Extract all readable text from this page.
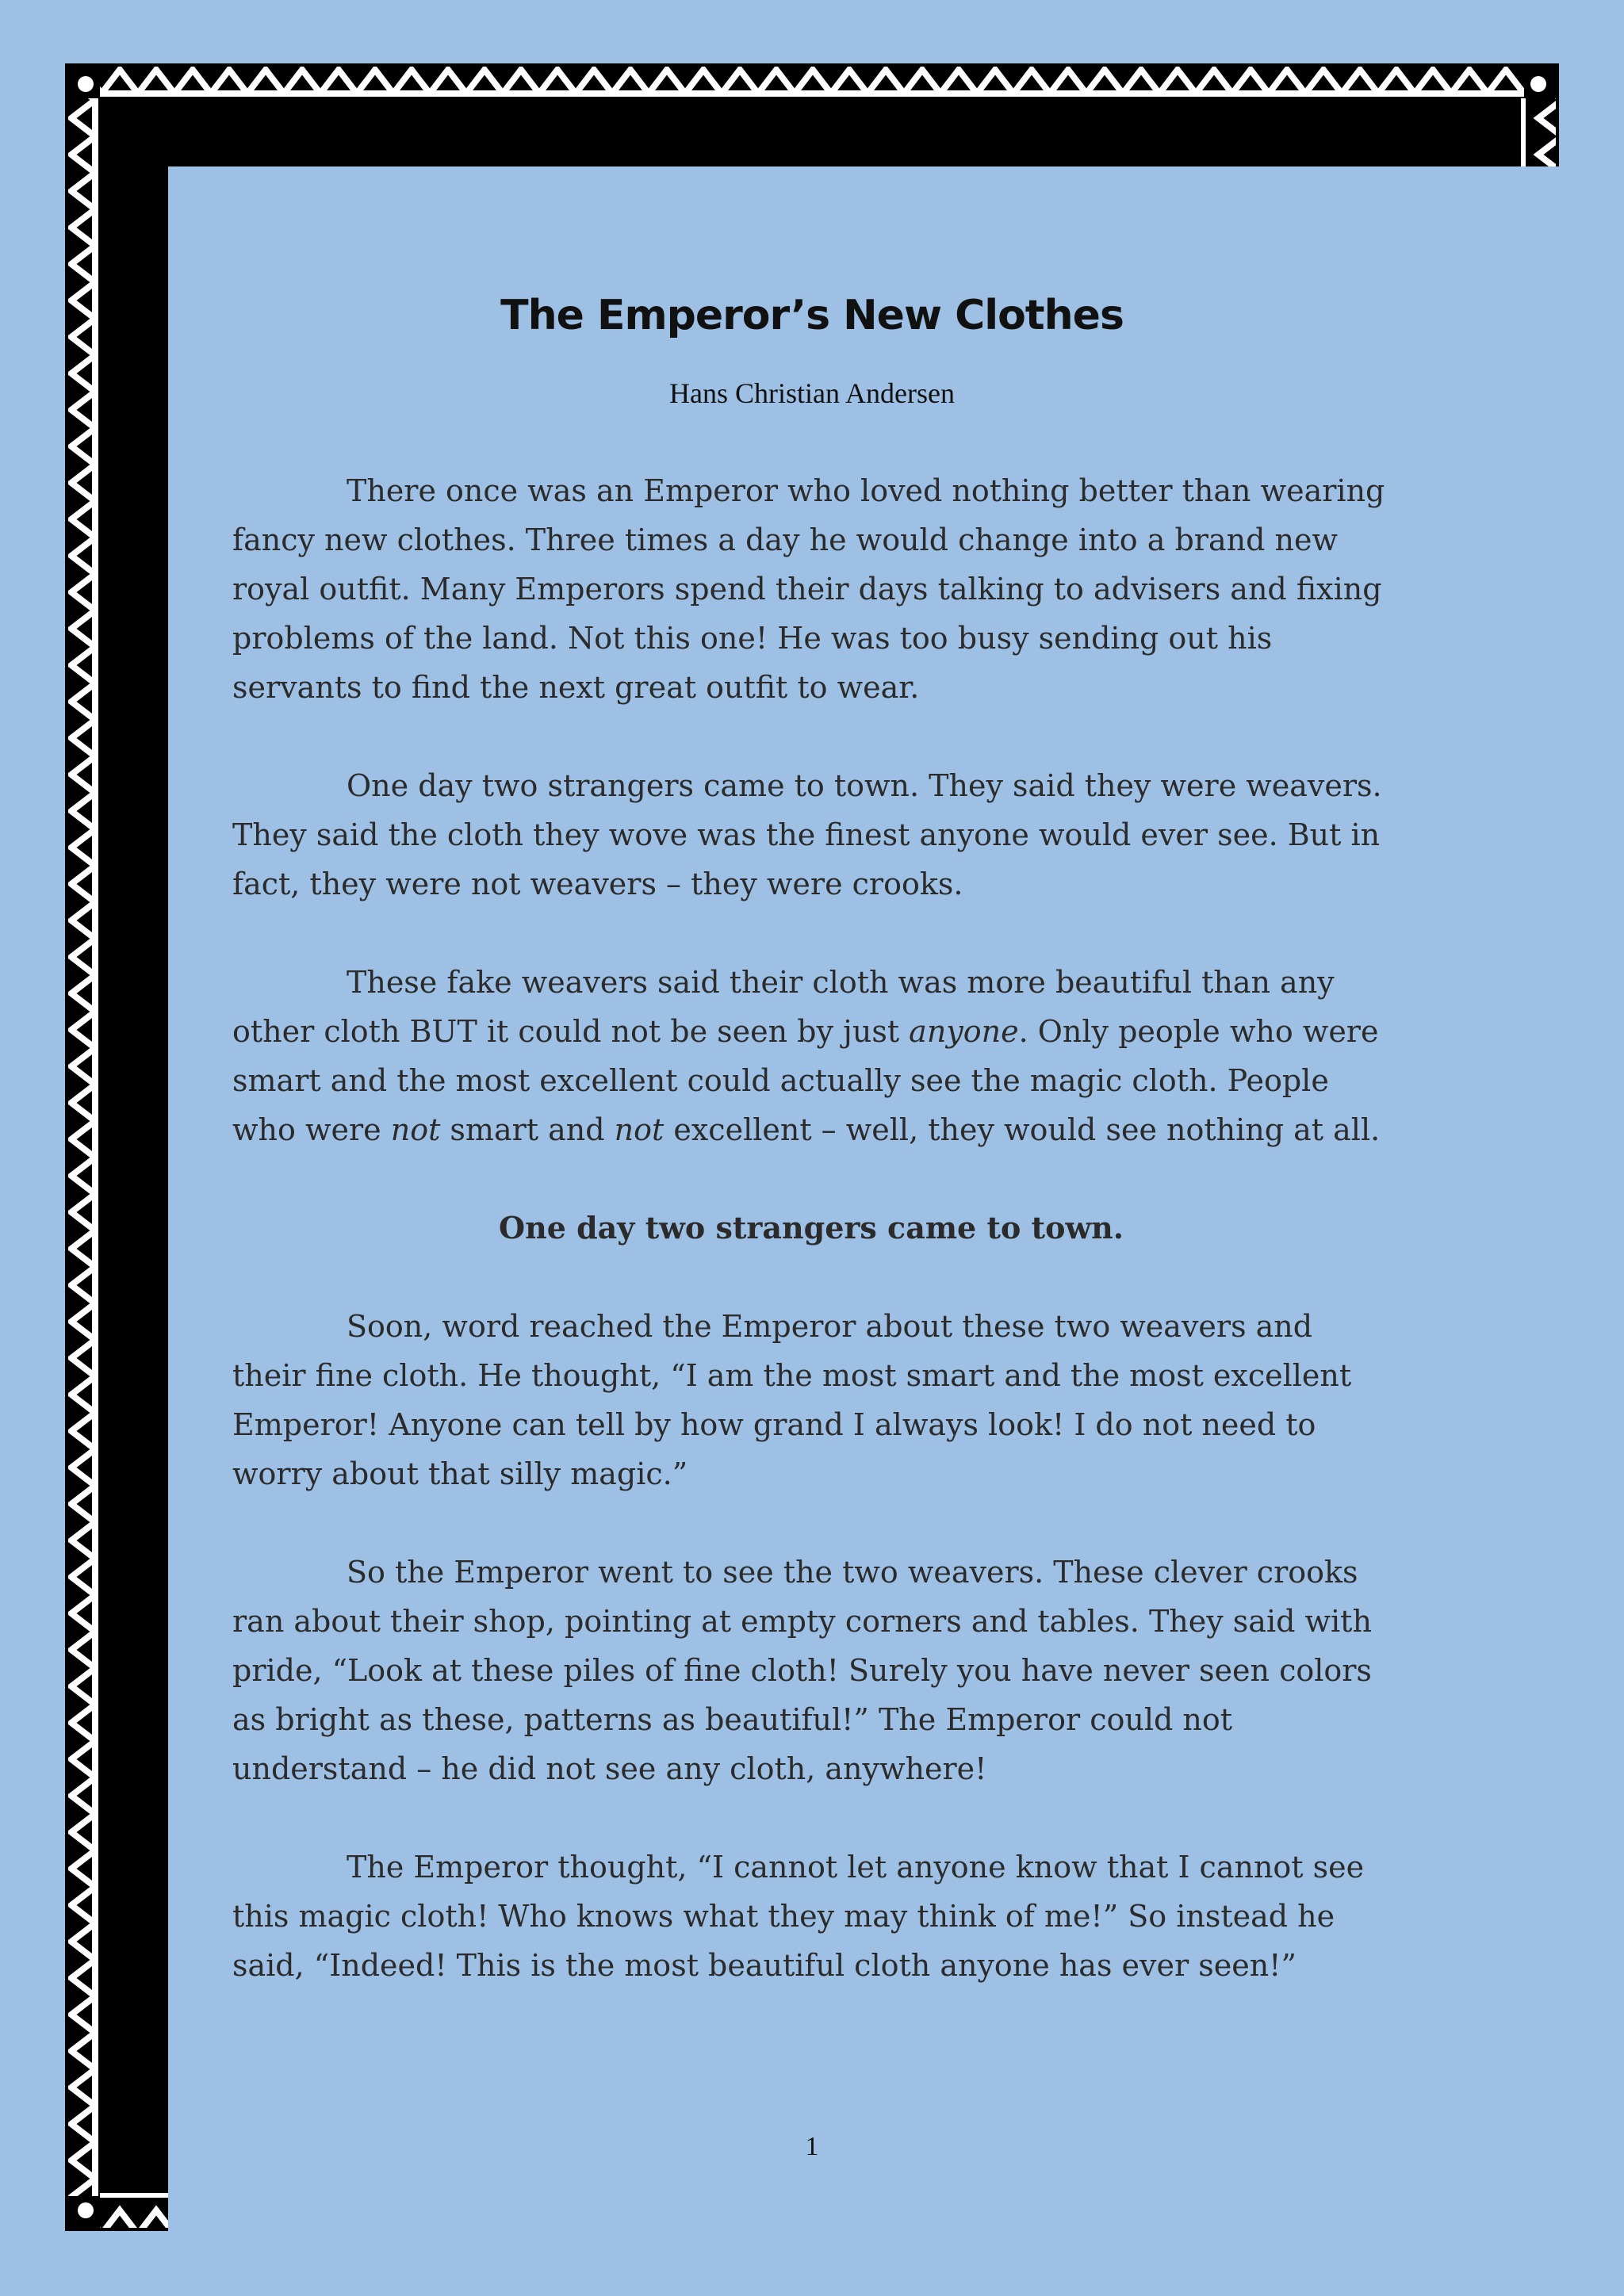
The Emperor’s New Clothes
Hans Christian Andersen

There once was an Emperor who loved nothing better than wearing fancy new clothes. Three times a day he would change into a brand new royal outfit. Many Emperors spend their days talking to advisers and fixing problems of the land. Not this one! He was too busy sending out his servants to find the next great outfit to wear.

One day two strangers came to town. They said they were weavers. They said the cloth they wove was the finest anyone would ever see. But in fact, they were not weavers – they were crooks.

These fake weavers said their cloth was more beautiful than any other cloth BUT it could not be seen by just anyone. Only people who were smart and the most excellent could actually see the magic cloth. People who were not smart and not excellent – well, they would see nothing at all.

One day two strangers came to town.

Soon, word reached the Emperor about these two weavers and their fine cloth. He thought, “I am the most smart and the most excellent Emperor! Anyone can tell by how grand I always look! I do not need to worry about that silly magic.”

So the Emperor went to see the two weavers. These clever crooks ran about their shop, pointing at empty corners and tables. They said with pride, “Look at these piles of fine cloth! Surely you have never seen colors as bright as these, patterns as beautiful!” The Emperor could not understand – he did not see any cloth, anywhere!

The Emperor thought, “I cannot let anyone know that I cannot see this magic cloth! Who knows what they may think of me!” So instead he said, “Indeed! This is the most beautiful cloth anyone has ever seen!”

1
